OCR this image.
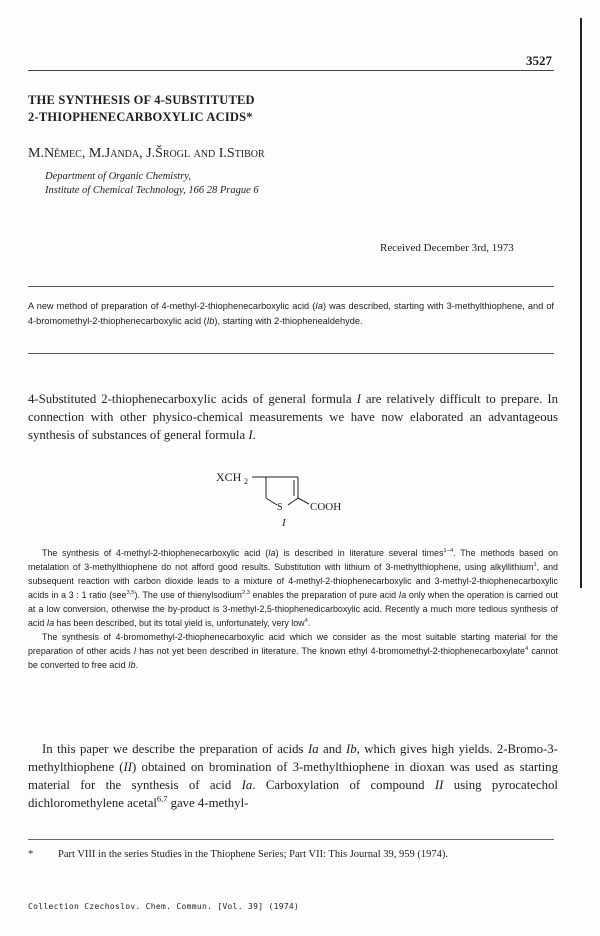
3527
THE SYNTHESIS OF 4-SUBSTITUTED
2-THIOPHENECARBOXYLIC ACIDS*
M.Němec, M.Janda, J.Šrogl and I.Stibor
Department of Organic Chemistry,
Institute of Chemical Technology, 166 28 Prague 6
Received December 3rd, 1973

A new method of preparation of 4-methyl-2-thiophenecarboxylic acid (Ia) was described, starting with 3-methylthiophene, and of 4-bromomethyl-2-thiophenecarboxylic acid (Ib), starting with 2-thiophenealdehyde.

4-Substituted 2-thiophenecarboxylic acids of general formula I are relatively difficult to prepare. In connection with other physico-chemical measurements we have now elaborated an advantageous synthesis of substances of general formula I.

XCH 2
S COOH
I

The synthesis of 4-methyl-2-thiophenecarboxylic acid (Ia) is described in literature several times$^{1-4}$. The methods based on metalation of 3-methylthiophene do not afford good results. Substitution with lithium of 3-methylthiophene, using alkyllithium$^1$, and subsequent reaction with carbon dioxide leads to a mixture of 4-methyl-2-thiophenecarboxylic and 3-methyl-2-thiophenecarboxylic acids in a 3 : 1 ratio (see$^{3,5}$). The use of thienylsodium$^{2,3}$ enables the preparation of pure acid Ia only when the operation is carried out at a low conversion, otherwise the by-product is 3-methyl-2,5-thiophenedicarboxylic acid. Recently a much more tedious synthesis of acid Ia has been described, but its total yield is, unfortunately, very low$^4$.

The synthesis of 4-bromomethyl-2-thiophenecarboxylic acid which we consider as the most suitable starting material for the preparation of other acids I has not yet been described in literature. The known ethyl 4-bromomethyl-2-thiophenecarboxylate$^4$ cannot be converted to free acid Ib.

In this paper we describe the preparation of acids Ia and Ib, which gives high yields. 2-Bromo-3-methylthiophene (II) obtained on bromination of 3-methylthiophene in dioxan was used as starting material for the synthesis of acid Ia. Carboxylation of compound II using pyrocatechol dichloromethylene acetal$^{6,7}$ gave 4-methyl-

* Part VIII in the series Studies in the Thiophene Series; Part VII: This Journal 39, 959 (1974).

Collection Czechoslov. Chem. Commun. [Vol. 39] (1974)
